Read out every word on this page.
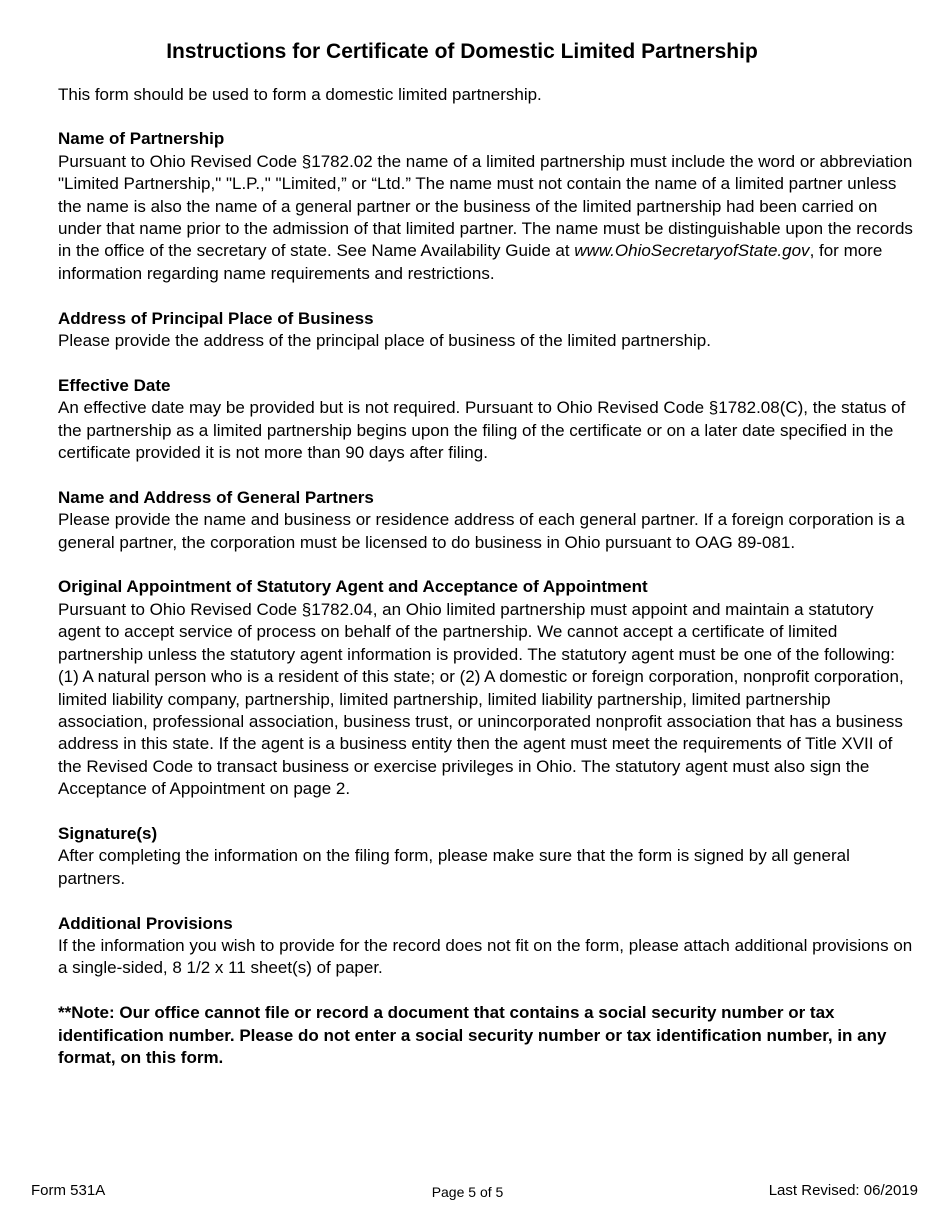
Instructions for Certificate of Domestic Limited Partnership

This form should be used to form a domestic limited partnership.

Name of Partnership

Pursuant to Ohio Revised Code §1782.02 the name of a limited partnership must include the word or abbreviation "Limited Partnership," "L.P.," "Limited,” or “Ltd.” The name must not contain the name of a limited partner unless the name is also the name of a general partner or the business of the limited partnership had been carried on under that name prior to the admission of that limited partner. The name must be distinguishable upon the records in the office of the secretary of state. See Name Availability Guide at www.OhioSecretaryofState.gov, for more information regarding name requirements and restrictions.

Address of Principal Place of Business

Please provide the address of the principal place of business of the limited partnership.

Effective Date

An effective date may be provided but is not required. Pursuant to Ohio Revised Code §1782.08(C), the status of the partnership as a limited partnership begins upon the filing of the certificate or on a later date specified in the certificate provided it is not more than 90 days after filing.

Name and Address of General Partners

Please provide the name and business or residence address of each general partner. If a foreign corporation is a general partner, the corporation must be licensed to do business in Ohio pursuant to OAG 89-081.

Original Appointment of Statutory Agent and Acceptance of Appointment

Pursuant to Ohio Revised Code §1782.04, an Ohio limited partnership must appoint and maintain a statutory agent to accept service of process on behalf of the partnership. We cannot accept a certificate of limited partnership unless the statutory agent information is provided. The statutory agent must be one of the following: (1) A natural person who is a resident of this state; or (2) A domestic or foreign corporation, nonprofit corporation, limited liability company, partnership, limited partnership, limited liability partnership, limited partnership association, professional association, business trust, or unincorporated nonprofit association that has a business address in this state. If the agent is a business entity then the agent must meet the requirements of Title XVII of the Revised Code to transact business or exercise privileges in Ohio. The statutory agent must also sign the Acceptance of Appointment on page 2.

Signature(s)

After completing the information on the filing form, please make sure that the form is signed by all general partners.

Additional Provisions

If the information you wish to provide for the record does not fit on the form, please attach additional provisions on a single-sided, 8 1/2 x 11 sheet(s) of paper.

**Note: Our office cannot file or record a document that contains a social security number or tax identification number. Please do not enter a social security number or tax identification number, in any format, on this form.

Form 531A	Page 5 of 5	Last Revised: 06/2019
